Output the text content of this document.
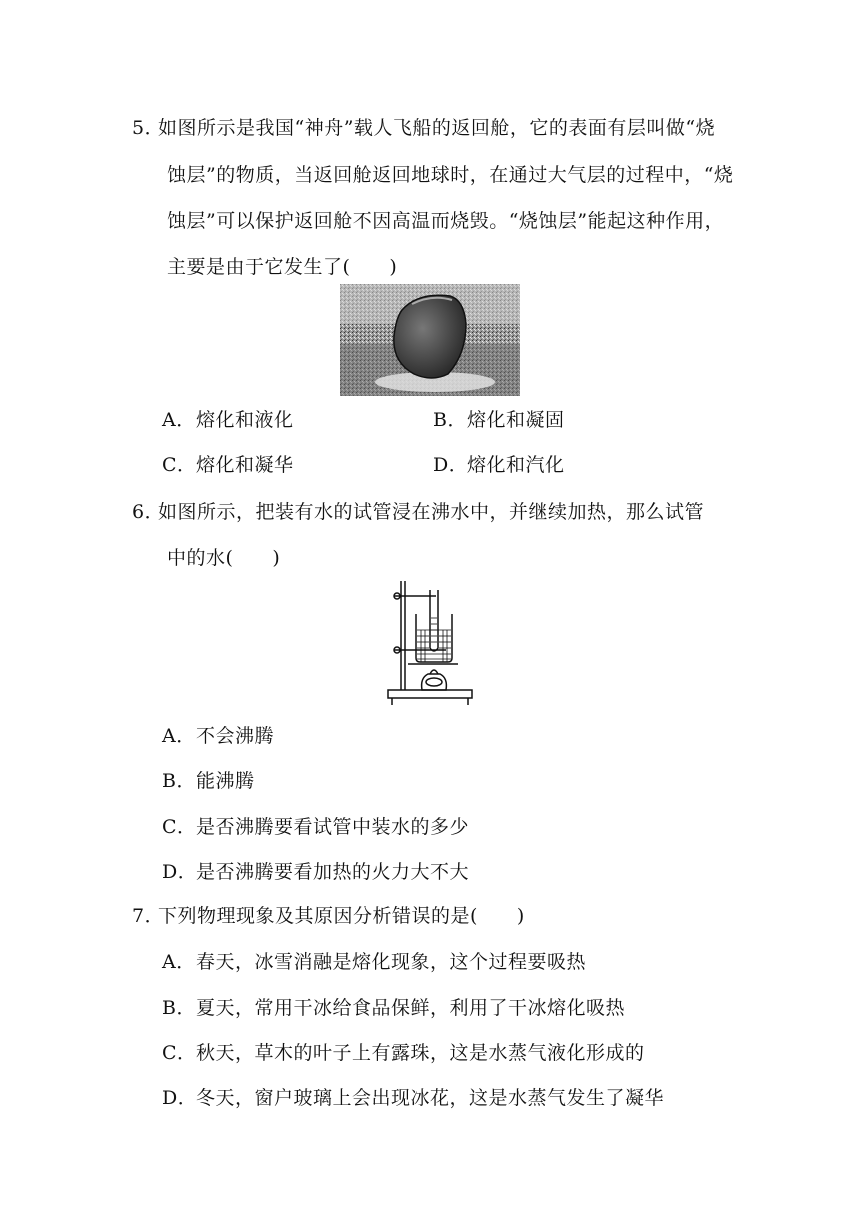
5．如图所示是我国“神舟”载人飞船的返回舱，它的表面有层叫做“烧
蚀层”的物质，当返回舱返回地球时，在通过大气层的过程中，“烧
蚀层”可以保护返回舱不因高温而烧毁。“烧蚀层”能起这种作用，
主要是由于它发生了(　　)
A．熔化和液化	B．熔化和凝固
C．熔化和凝华	D．熔化和汽化
6．如图所示，把装有水的试管浸在沸水中，并继续加热，那么试管
中的水(　　)
A．不会沸腾
B．能沸腾
C．是否沸腾要看试管中装水的多少
D．是否沸腾要看加热的火力大不大
7．下列物理现象及其原因分析错误的是(　　)
A．春天，冰雪消融是熔化现象，这个过程要吸热
B．夏天，常用干冰给食品保鲜，利用了干冰熔化吸热
C．秋天，草木的叶子上有露珠，这是水蒸气液化形成的
D．冬天，窗户玻璃上会出现冰花，这是水蒸气发生了凝华
